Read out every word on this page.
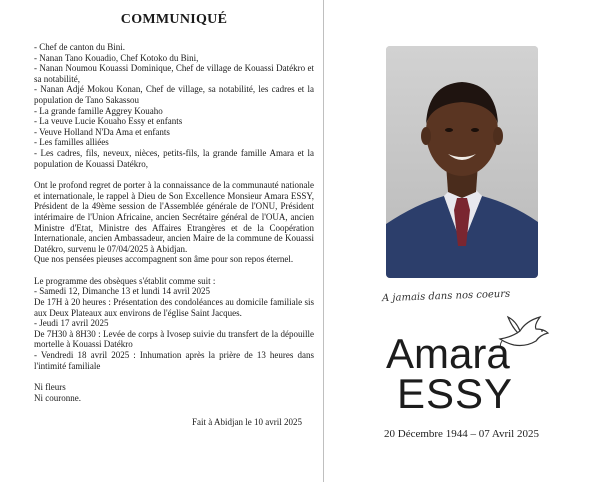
COMMUNIQUÉ

- Chef de canton du Bini.

- Nanan Tano Kouadio, Chef Kotoko du Bini,

- Nanan Noumou Kouassi Dominique, Chef de village de Kouassi Datékro et sa notabilité,

- Nanan Adjé Mokou Konan, Chef de village, sa notabilité, les cadres et la population de Tano Sakassou

- La grande famille Aggrey Kouaho

- La veuve Lucie Kouaho Essy et enfants

- Veuve Holland N'Da Ama et enfants

- Les familles alliées

- Les cadres, fils, neveux, nièces, petits-fils, la grande famille Amara et la population de Kouassi Datékro,

Ont le profond regret de porter à la connaissance de la communauté nationale et internationale, le rappel à Dieu de Son Excellence Monsieur Amara ESSY, Président de la 49ème session de l'Assemblée générale de l'ONU, Président intérimaire de l'Union Africaine, ancien Secrétaire général de l'OUA, ancien Ministre d'Etat, Ministre des Affaires Etrangères et de la Coopération Internationale, ancien Ambassadeur, ancien Maire de la commune de Kouassi Datékro, survenu le 07/04/2025 à Abidjan.

Que nos pensées pieuses accompagnent son âme pour son repos éternel.

Le programme des obsèques s'établit comme suit :

- Samedi 12, Dimanche 13 et lundi 14 avril 2025

De 17H à 20 heures : Présentation des condoléances au domicile familiale sis aux Deux Plateaux aux environs de l'église Saint Jacques.

- Jeudi 17 avril 2025

De 7H30 à 8H30 : Levée de corps à Ivosep suivie du transfert de la dépouille mortelle à Kouassi Datékro

- Vendredi 18 avril 2025 : Inhumation après la prière de 13 heures dans l'intimité familiale

Ni fleurs

Ni couronne.

Fait à Abidjan le 10 avril 2025
A jamais dans nos coeurs
Amara
ESSY
20 Décembre 1944 – 07 Avril 2025
